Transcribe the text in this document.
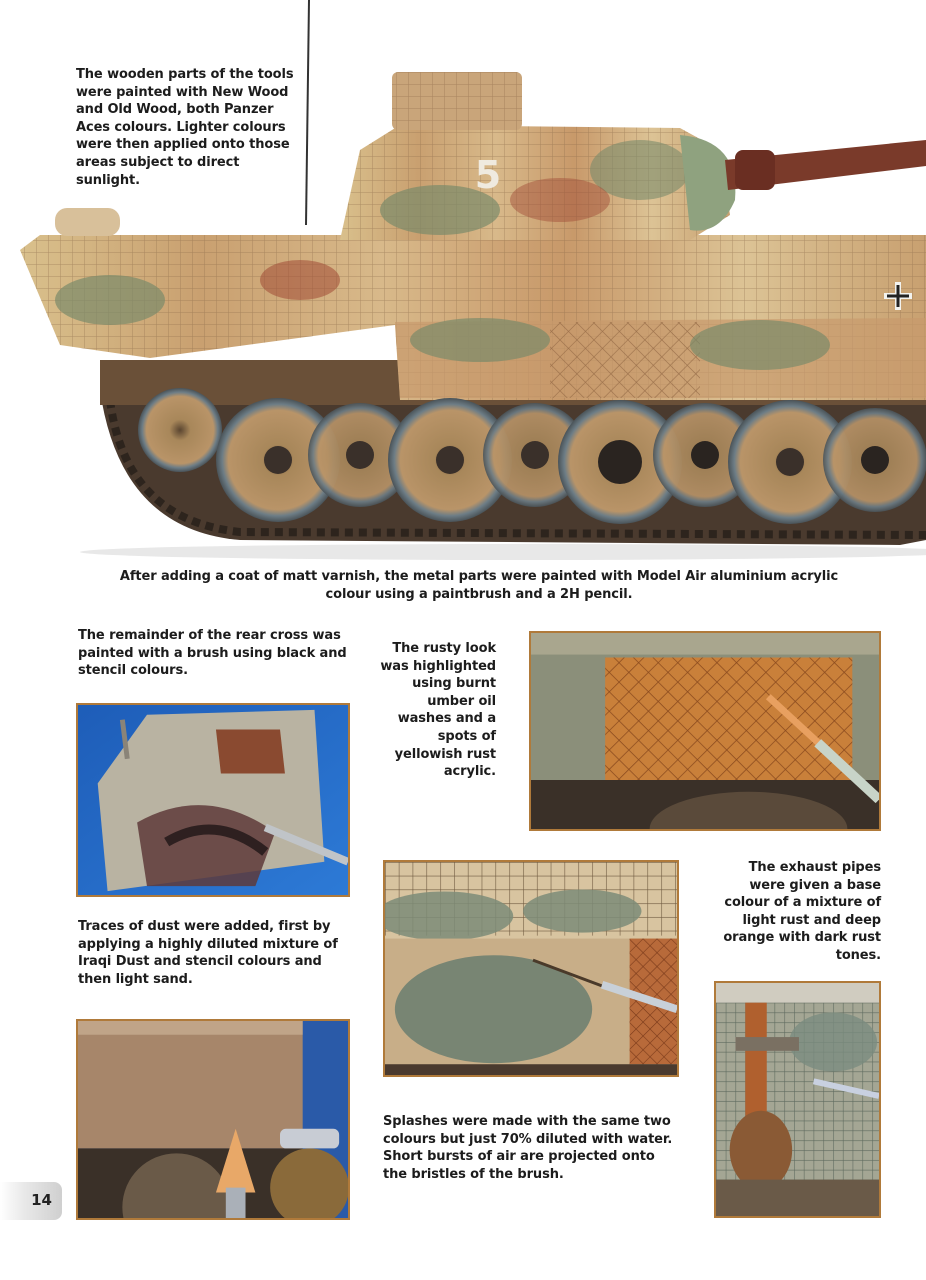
5
The wooden parts of the tools were painted with New Wood and Old Wood, both Panzer Aces colours. Lighter colours were then applied onto those areas subject to direct sunlight.
After adding a coat of matt varnish, the metal parts were painted with Model Air aluminium acrylic colour using a paintbrush and a 2H pencil.
The remainder of the rear cross was painted with a brush using black and stencil colours.
The rusty look was highlighted using burnt umber oil washes and a spots of yellowish rust acrylic.
The exhaust pipes were given a base colour of a mixture of light rust and deep orange with dark rust tones.
Traces of dust were added, first by applying a highly diluted mixture of Iraqi Dust and stencil colours and then light sand.
Splashes were made with the same two colours but just 70% diluted with water. Short bursts of air are projected onto the bristles of the brush.
14
